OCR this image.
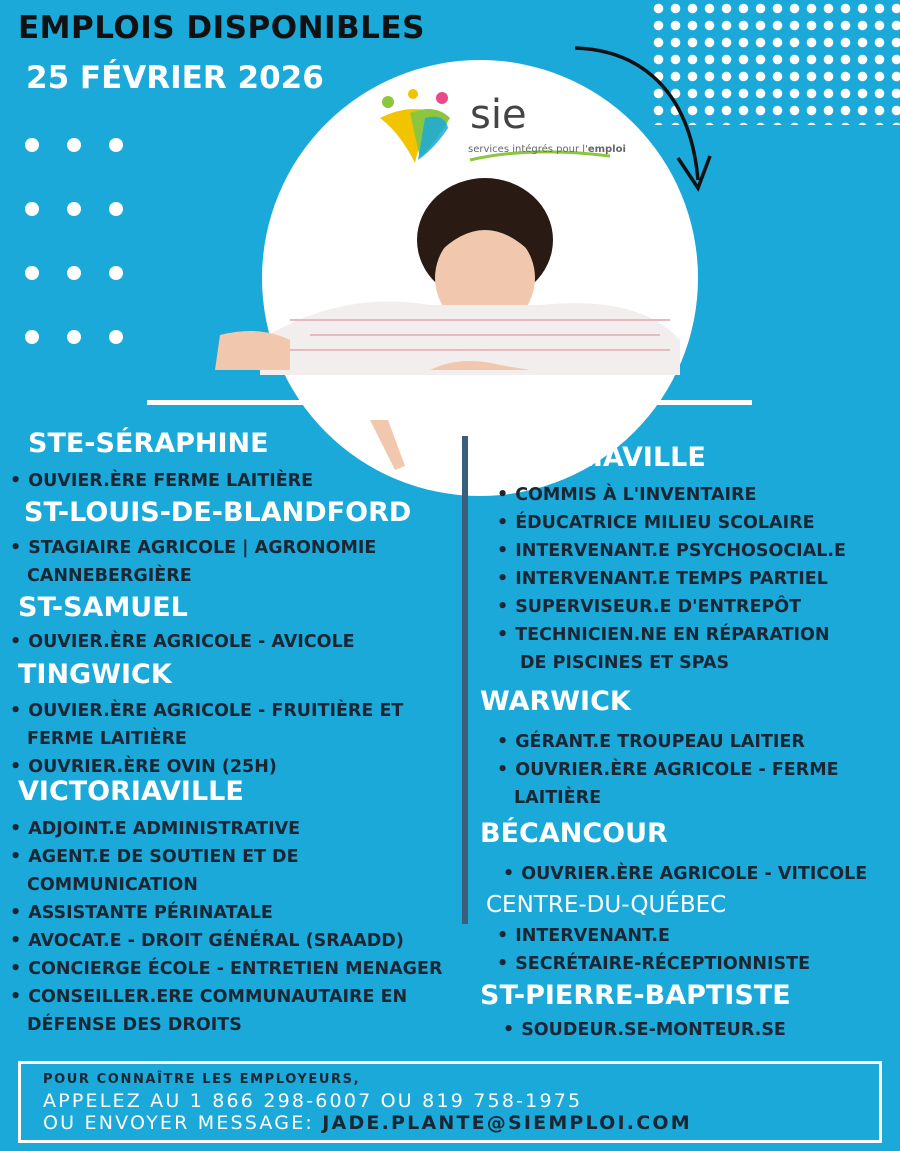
EMPLOIS DISPONIBLES
25 FÉVRIER 2026
sie
services intégrés pour l'emploi
STE-SÉRAPHINE
• OUVIER.ÈRE FERME LAITIÈRE
ST-LOUIS-DE-BLANDFORD
• STAGIAIRE AGRICOLE | AGRONOMIE
CANNEBERGIÈRE
ST-SAMUEL
• OUVIER.ÈRE AGRICOLE - AVICOLE
TINGWICK
• OUVIER.ÈRE AGRICOLE - FRUITIÈRE ET
FERME LAITIÈRE
• OUVRIER.ÈRE OVIN (25H)
VICTORIAVILLE
• ADJOINT.E ADMINISTRATIVE
• AGENT.E DE SOUTIEN ET DE
COMMUNICATION
• ASSISTANTE PÉRINATALE
• AVOCAT.E - DROIT GÉNÉRAL (SRAADD)
• CONCIERGE ÉCOLE - ENTRETIEN MENAGER
• CONSEILLER.ERE COMMUNAUTAIRE EN
DÉFENSE DES DROITS
VICTORIAVILLE
• COMMIS À L'INVENTAIRE
• ÉDUCATRICE MILIEU SCOLAIRE
• INTERVENANT.E PSYCHOSOCIAL.E
• INTERVENANT.E TEMPS PARTIEL
• SUPERVISEUR.E D'ENTREPÔT
• TECHNICIEN.NE EN RÉPARATION
DE PISCINES ET SPAS
WARWICK
• GÉRANT.E TROUPEAU LAITIER
• OUVRIER.ÈRE AGRICOLE - FERME
LAITIÈRE
BÉCANCOUR
• OUVRIER.ÈRE AGRICOLE - VITICOLE
CENTRE-DU-QUÉBEC
• INTERVENANT.E
• SECRÉTAIRE-RÉCEPTIONNISTE
ST-PIERRE-BAPTISTE
• SOUDEUR.SE-MONTEUR.SE
POUR CONNAÎTRE LES EMPLOYEURS,
APPELEZ AU 1 866 298-6007 OU 819 758-1975
OU ENVOYER MESSAGE: JADE.PLANTE@SIEMPLOI.COM
